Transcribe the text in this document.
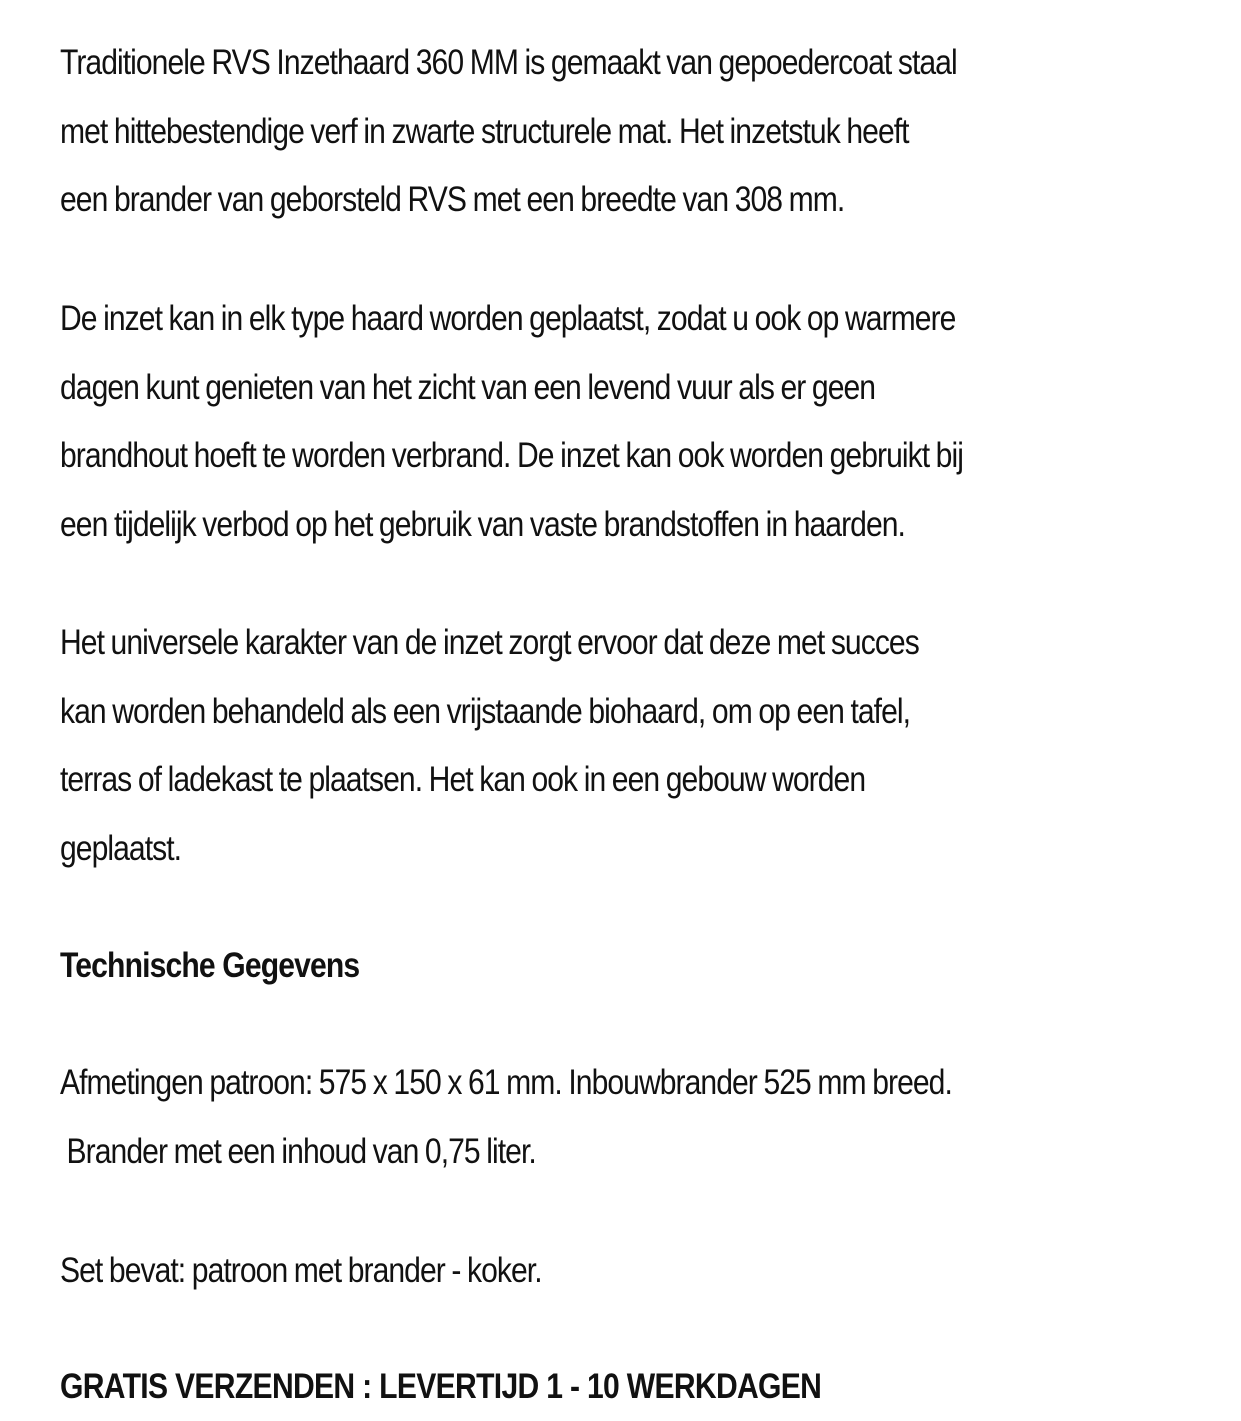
Traditionele RVS Inzethaard 360 MM is gemaakt van gepoedercoat staal
met hittebestendige verf in zwarte structurele mat. Het inzetstuk heeft
een brander van geborsteld RVS met een breedte van 308 mm.

De inzet kan in elk type haard worden geplaatst, zodat u ook op warmere
dagen kunt genieten van het zicht van een levend vuur als er geen
brandhout hoeft te worden verbrand. De inzet kan ook worden gebruikt bij
een tijdelijk verbod op het gebruik van vaste brandstoffen in haarden.

Het universele karakter van de inzet zorgt ervoor dat deze met succes
kan worden behandeld als een vrijstaande biohaard, om op een tafel,
terras of ladekast te plaatsen. Het kan ook in een gebouw worden
geplaatst.

Technische Gegevens

Afmetingen patroon: 575 x 150 x 61 mm. Inbouwbrander 525 mm breed.
Brander met een inhoud van 0,75 liter.

Set bevat: patroon met brander - koker.

GRATIS VERZENDEN : LEVERTIJD 1 - 10 WERKDAGEN
